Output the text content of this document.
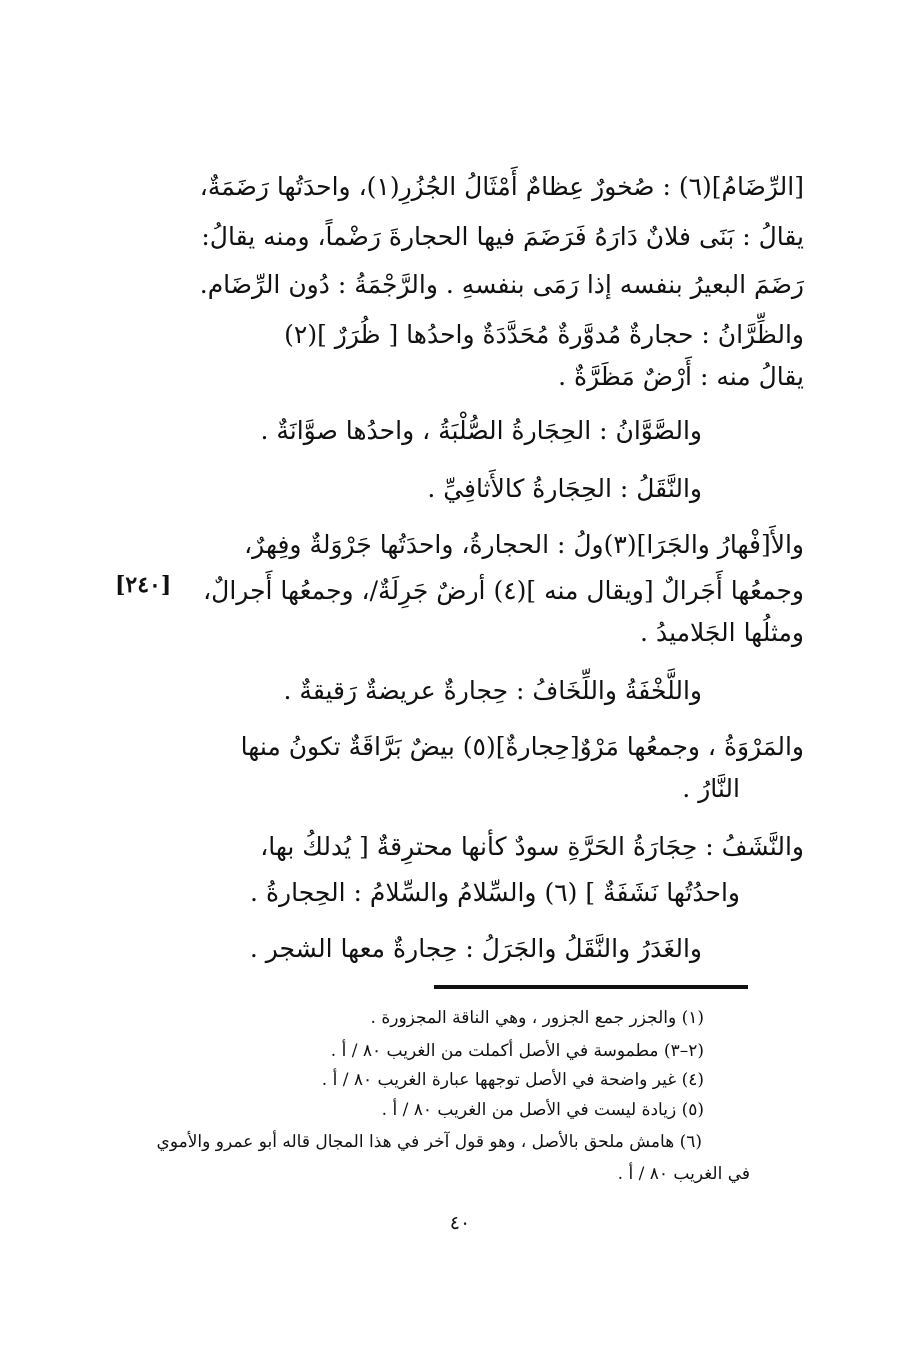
[الرِّضَامُ](٦) : صُخورٌ عِظامٌ أَمْثَالُ الجُزُرِ(١)، واحدَتُها رَضَمَةٌ،
يقالُ : بَنَى فلانٌ دَارَهُ فَرَضَمَ فيها الحجارةَ رَضْماً، ومنه يقالُ:
رَضَمَ البعيرُ بنفسه إذا رَمَى بنفسهِ . والرَّجْمَةُ : دُون الرِّضَام.
والظِّرَّانُ : حجارةٌ مُدوَّرةٌ مُحَدَّدَةٌ واحدُها [ ظُرَرٌ ](٢)
يقالُ منه : أَرْضٌ مَظَرَّةٌ .
والصَّوَّانُ : الحِجَارةُ الصُّلْبَةُ ، واحدُها صوَّانَةٌ .
والنَّقَلُ : الحِجَارةُ كالأَثافِيِّ .
والأَ[فْهارُ والجَرَا](٣)ولُ : الحجارةُ، واحدَتُها جَرْوَلةٌ وفِهرٌ،
وجمعُها أَجَرالٌ [ويقال منه ](٤) أرضٌ جَرِلَةٌ/، وجمعُها أَجرالٌ،
[٢٤٠]
ومثلُها الجَلاميدُ .
واللَّخْفَةُ واللِّخَافُ : حِجارةٌ عريضةٌ رَقيقةٌ .
والمَرْوَةُ ، وجمعُها مَرْوٌ[حِجارةٌ](٥) بيضٌ بَرَّاقَةٌ تكونُ منها
النَّارُ .
والنَّشَفُ : حِجَارَةُ الحَرَّةِ سودٌ كأنها محترِقةٌ [ يُدلكُ بها،
واحدُتُها نَشَفَةٌ ] (٦) والسِّلامُ والسِّلامُ : الحِجارةُ .
والغَدَرُ والنَّقَلُ والجَرَلُ : حِجارةٌ معها الشجر .
(١) والجزر جمع الجزور ، وهي الناقة المجزورة .
(٢–٣) مطموسة في الأصل أكملت من الغريب ٨٠ / أ .
(٤) غير واضحة في الأصل توجهها عبارة الغريب ٨٠ / أ .
(٥) زيادة ليست في الأصل من الغريب ٨٠ / أ .
(٦) هامش ملحق بالأصل ، وهو قول آخر في هذا المجال قاله أبو عمرو والأموي
في الغريب ٨٠ / أ .
٤٠
